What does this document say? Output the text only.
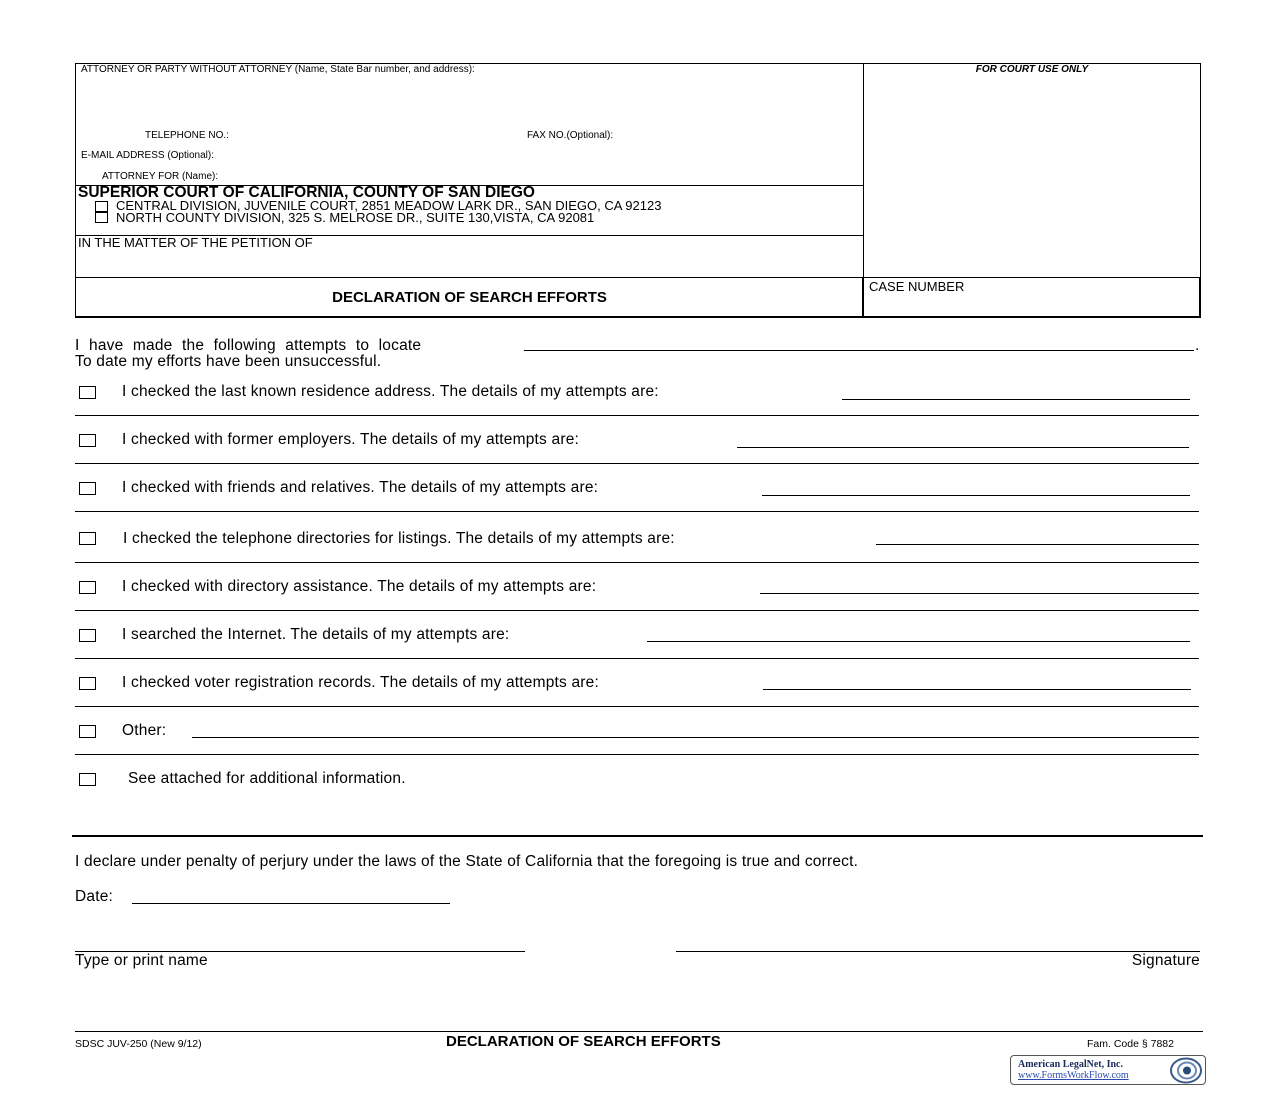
ATTORNEY OR PARTY WITHOUT ATTORNEY (Name, State Bar number, and address):	FOR COURT USE ONLY
TELEPHONE NO.:	FAX NO.(Optional):
E-MAIL ADDRESS (Optional):
ATTORNEY FOR (Name):
SUPERIOR COURT OF CALIFORNIA, COUNTY OF SAN DIEGO
CENTRAL DIVISION, JUVENILE COURT, 2851 MEADOW LARK DR., SAN DIEGO, CA 92123
NORTH COUNTY DIVISION, 325 S. MELROSE DR., SUITE 130,VISTA, CA 92081
IN THE MATTER OF THE PETITION OF
DECLARATION OF SEARCH EFFORTS
CASE NUMBER
I have made the following attempts to locate	.
To date my efforts have been unsuccessful.
I checked the last known residence address. The details of my attempts are:
I checked with former employers. The details of my attempts are:
I checked with friends and relatives. The details of my attempts are:
I checked the telephone directories for listings. The details of my attempts are:
I checked with directory assistance. The details of my attempts are:
I searched the Internet. The details of my attempts are:
I checked voter registration records. The details of my attempts are:
Other:
See attached for additional information.
I declare under penalty of perjury under the laws of the State of California that the foregoing is true and correct.
Date:
Type or print name	Signature
SDSC JUV-250 (New 9/12)	DECLARATION OF SEARCH EFFORTS	Fam. Code § 7882
American LegalNet, Inc.
www.FormsWorkFlow.com
